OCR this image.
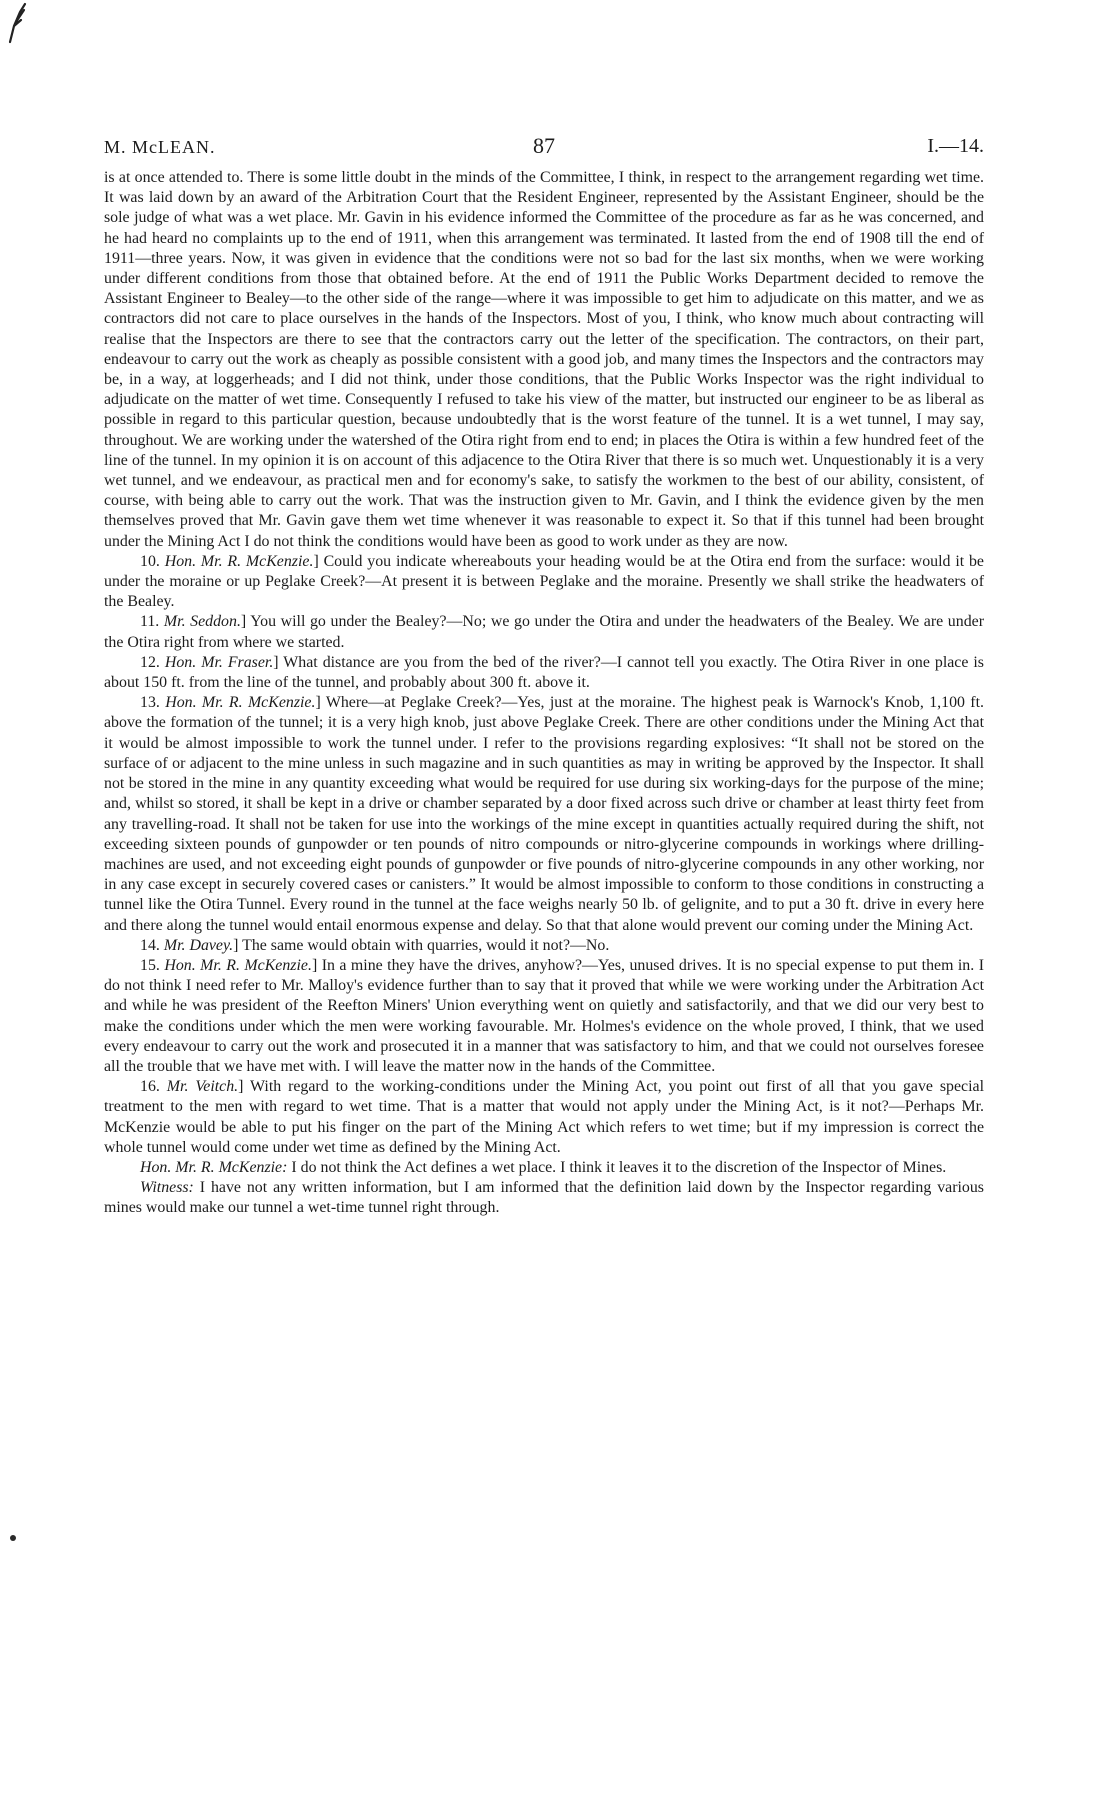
M. McLEAN.	87	I.—14.

is at once attended to. There is some little doubt in the minds of the Committee, I think, in respect to the arrangement regarding wet time. It was laid down by an award of the Arbitration Court that the Resident Engineer, represented by the Assistant Engineer, should be the sole judge of what was a wet place. Mr. Gavin in his evidence informed the Committee of the procedure as far as he was concerned, and he had heard no complaints up to the end of 1911, when this arrangement was terminated. It lasted from the end of 1908 till the end of 1911—three years. Now, it was given in evidence that the conditions were not so bad for the last six months, when we were working under different conditions from those that obtained before. At the end of 1911 the Public Works Department decided to remove the Assistant Engineer to Bealey—to the other side of the range—where it was impossible to get him to adjudicate on this matter, and we as contractors did not care to place ourselves in the hands of the Inspectors. Most of you, I think, who know much about contracting will realise that the Inspectors are there to see that the contractors carry out the letter of the specification. The contractors, on their part, endeavour to carry out the work as cheaply as possible consistent with a good job, and many times the Inspectors and the contractors may be, in a way, at loggerheads; and I did not think, under those conditions, that the Public Works Inspector was the right individual to adjudicate on the matter of wet time. Consequently I refused to take his view of the matter, but instructed our engineer to be as liberal as possible in regard to this particular question, because undoubtedly that is the worst feature of the tunnel. It is a wet tunnel, I may say, throughout. We are working under the watershed of the Otira right from end to end; in places the Otira is within a few hundred feet of the line of the tunnel. In my opinion it is on account of this adjacence to the Otira River that there is so much wet. Unquestionably it is a very wet tunnel, and we endeavour, as practical men and for economy's sake, to satisfy the workmen to the best of our ability, consistent, of course, with being able to carry out the work. That was the instruction given to Mr. Gavin, and I think the evidence given by the men themselves proved that Mr. Gavin gave them wet time whenever it was reasonable to expect it. So that if this tunnel had been brought under the Mining Act I do not think the conditions would have been as good to work under as they are now.

10. Hon. Mr. R. McKenzie.] Could you indicate whereabouts your heading would be at the Otira end from the surface: would it be under the moraine or up Peglake Creek?—At present it is between Peglake and the moraine. Presently we shall strike the headwaters of the Bealey.

11. Mr. Seddon.] You will go under the Bealey?—No; we go under the Otira and under the headwaters of the Bealey. We are under the Otira right from where we started.

12. Hon. Mr. Fraser.] What distance are you from the bed of the river?—I cannot tell you exactly. The Otira River in one place is about 150 ft. from the line of the tunnel, and probably about 300 ft. above it.

13. Hon. Mr. R. McKenzie.] Where—at Peglake Creek?—Yes, just at the moraine. The highest peak is Warnock's Knob, 1,100 ft. above the formation of the tunnel; it is a very high knob, just above Peglake Creek. There are other conditions under the Mining Act that it would be almost impossible to work the tunnel under. I refer to the provisions regarding explosives: “It shall not be stored on the surface of or adjacent to the mine unless in such magazine and in such quantities as may in writing be approved by the Inspector. It shall not be stored in the mine in any quantity exceeding what would be required for use during six working-days for the purpose of the mine; and, whilst so stored, it shall be kept in a drive or chamber separated by a door fixed across such drive or chamber at least thirty feet from any travelling-road. It shall not be taken for use into the workings of the mine except in quantities actually required during the shift, not exceeding sixteen pounds of gunpowder or ten pounds of nitro compounds or nitro-glycerine compounds in workings where drilling-machines are used, and not exceeding eight pounds of gunpowder or five pounds of nitro-glycerine compounds in any other working, nor in any case except in securely covered cases or canisters.” It would be almost impossible to conform to those conditions in constructing a tunnel like the Otira Tunnel. Every round in the tunnel at the face weighs nearly 50 lb. of gelignite, and to put a 30 ft. drive in every here and there along the tunnel would entail enormous expense and delay. So that that alone would prevent our coming under the Mining Act.

14. Mr. Davey.] The same would obtain with quarries, would it not?—No.

15. Hon. Mr. R. McKenzie.] In a mine they have the drives, anyhow?—Yes, unused drives. It is no special expense to put them in. I do not think I need refer to Mr. Malloy's evidence further than to say that it proved that while we were working under the Arbitration Act and while he was president of the Reefton Miners' Union everything went on quietly and satisfactorily, and that we did our very best to make the conditions under which the men were working favourable. Mr. Holmes's evidence on the whole proved, I think, that we used every endeavour to carry out the work and prosecuted it in a manner that was satisfactory to him, and that we could not ourselves foresee all the trouble that we have met with. I will leave the matter now in the hands of the Committee.

16. Mr. Veitch.] With regard to the working-conditions under the Mining Act, you point out first of all that you gave special treatment to the men with regard to wet time. That is a matter that would not apply under the Mining Act, is it not?—Perhaps Mr. McKenzie would be able to put his finger on the part of the Mining Act which refers to wet time; but if my impression is correct the whole tunnel would come under wet time as defined by the Mining Act.

Hon. Mr. R. McKenzie: I do not think the Act defines a wet place. I think it leaves it to the discretion of the Inspector of Mines.

Witness: I have not any written information, but I am informed that the definition laid down by the Inspector regarding various mines would make our tunnel a wet-time tunnel right through.
